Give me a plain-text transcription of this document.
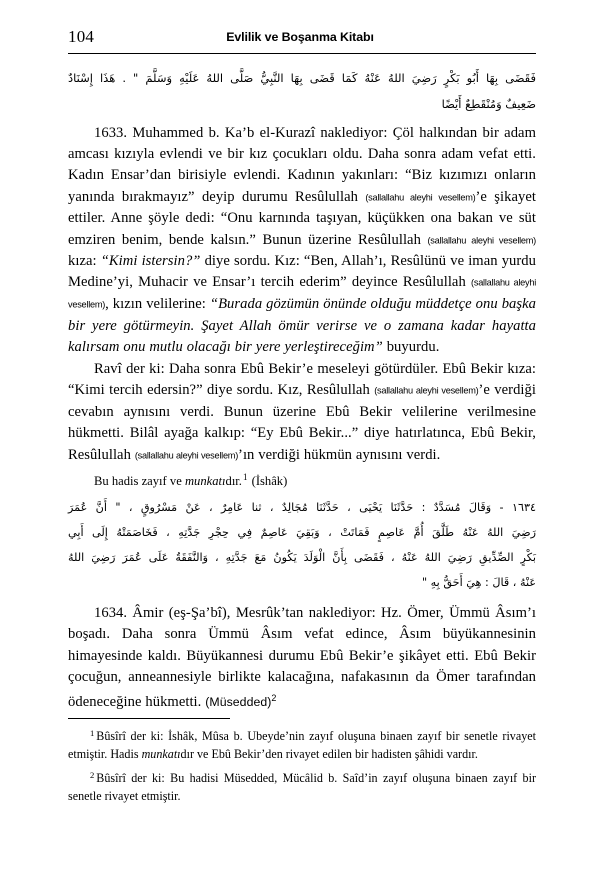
104	Evlilik ve Boşanma Kitabı
فَقَضَى بِهَا أَبُو بَكْرٍ رَضِيَ اللهُ عَنْهُ كَمَا قَضَى بِهَا النَّبِيُّ صَلَّى اللهُ عَلَيْهِ وَسَلَّمَ " . هَذَا إِسْنَادٌ
ضَعِيفٌ وَمُنْقَطِعٌ أَيْضًا

1633. Muhammed b. Ka’b el-Kurazî naklediyor: Çöl halkından bir adam amcası kızıyla evlendi ve bir kız çocukları oldu. Daha sonra adam vefat etti. Kadın Ensar’dan birisiyle evlendi. Kadının yakınları: “Biz kızımızı onların yanında bırakmayız” deyip durumu Resûlullah (sallallahu aleyhi vesellem)’e şikayet ettiler. Anne şöyle dedi: “Onu karnında taşıyan, küçükken ona bakan ve süt emziren benim, bende kalsın.” Bunun üzerine Resûlullah (sallallahu aleyhi vesellem) kıza: “Kimi istersin?” diye sordu. Kız: “Ben, Allah’ı, Resûlünü ve iman yurdu Medine’yi, Muhacir ve Ensar’ı tercih ederim” deyince Resûlullah (sallallahu aleyhi vesellem), kızın velilerine: “Burada gözümün önünde olduğu müddetçe onu başka bir yere götürmeyin. Şayet Allah ömür verirse ve o zamana kadar hayatta kalırsam onu mutlu olacağı bir yere yerleştireceğim” buyurdu.

Ravî der ki: Daha sonra Ebû Bekir’e meseleyi götürdüler. Ebû Bekir kıza: “Kimi tercih edersin?” diye sordu. Kız, Resûlullah (sallallahu aleyhi vesellem)’e verdiği cevabın aynısını verdi. Bunun üzerine Ebû Bekir velilerine verilmesine hükmetti. Bilâl ayağa kalkıp: “Ey Ebû Bekir...” diye hatırlatınca, Ebû Bekir, Resûlullah (sallallahu aleyhi vesellem)’ın verdiği hükmün aynısını verdi.

Bu hadis zayıf ve munkatıdır.$^1$ (İshâk)

١٦٣٤ - وَقَالَ مُسَدَّدٌ : حَدَّثَنَا يَحْيَى ، حَدَّثَنَا مُجَالِدٌ ، ثنا عَامِرٌ ، عَنْ مَسْرُوقٍ ، " أَنَّ عُمَرَ
رَضِيَ اللهُ عَنْهُ طَلَّقَ أُمَّ عَاصِمٍ فَمَاتَتْ ، وَبَقِيَ عَاصِمٌ فِي حِجْرِ جَدَّتِهِ ، فَخَاصَمَتْهُ إِلَى أَبِي
بَكْرٍ الصِّدِّيقِ رَضِيَ اللهُ عَنْهُ ، فَقَضَى بِأَنَّ الْوَلَدَ يَكُونُ مَعَ جَدَّتِهِ ، وَالنَّفَقَةُ عَلَى عُمَرَ رَضِيَ اللهُ
عَنْهُ ، قَالَ : هِيَ أَحَقُّ بِهِ "

1634. Âmir (eş-Şa’bî), Mesrûk’tan naklediyor: Hz. Ömer, Ümmü Âsım’ı boşadı. Daha sonra Ümmü Âsım vefat edince, Âsım büyükannesinin himayesinde kaldı. Büyükannesi durumu Ebû Bekir’e şikâyet etti. Ebû Bekir çocuğun, anneannesiyle birlikte kalacağına, nafakasının da Ömer tarafından ödeneceğine hükmetti. (Müsedded)$^2$

$^1$ Bûsîrî der ki: İshâk, Mûsa b. Ubeyde’nin zayıf oluşuna binaen zayıf bir senetle rivayet etmiştir. Hadis munkatıdır ve Ebû Bekir’den rivayet edilen bir hadisten şâhidi vardır.

$^2$ Bûsîrî der ki: Bu hadisi Müsedded, Mücâlid b. Saîd’in zayıf oluşuna binaen zayıf bir senetle rivayet etmiştir.
